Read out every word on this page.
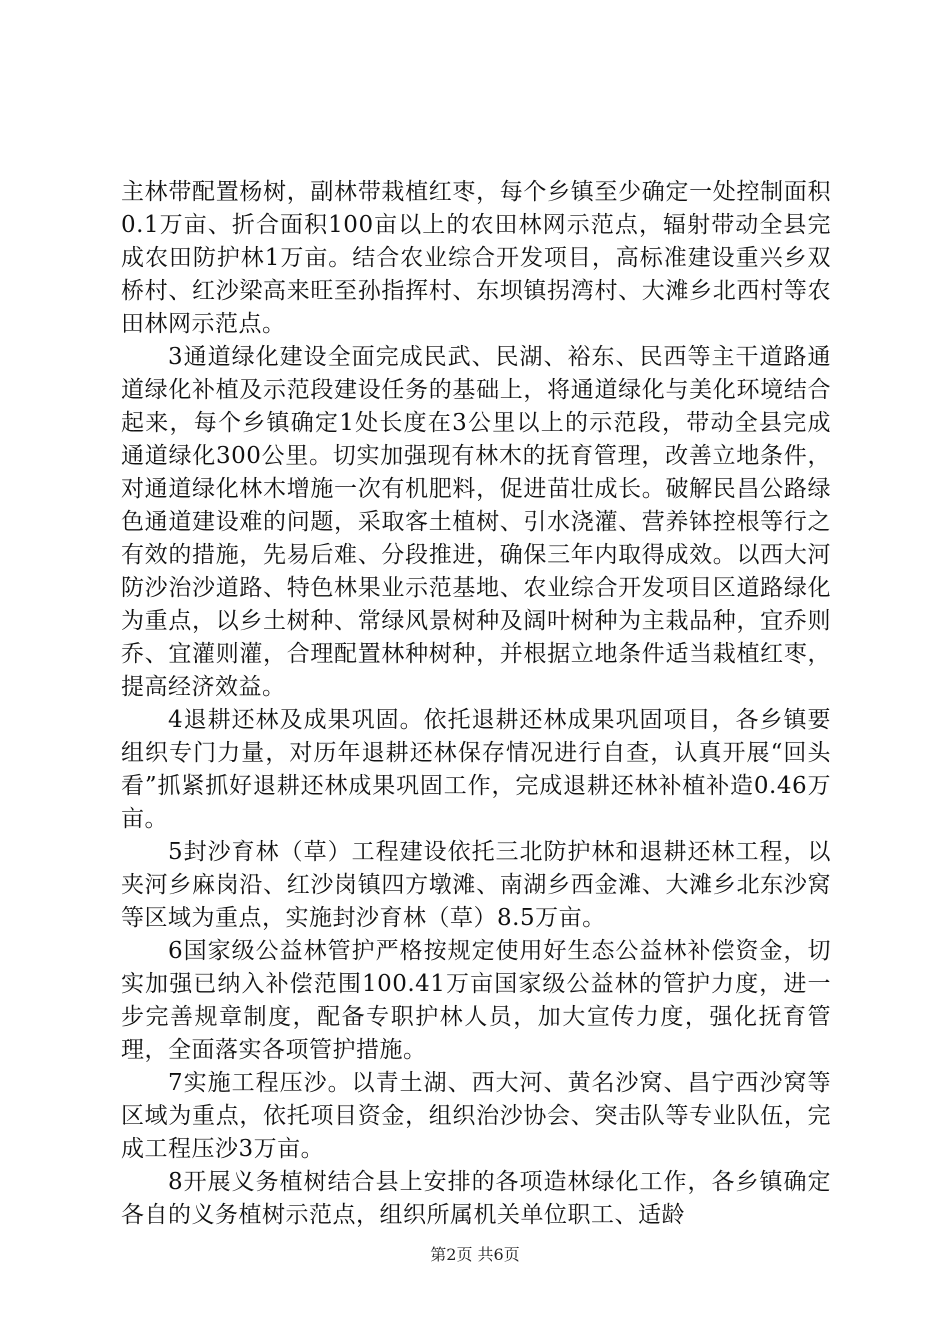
主林带配置杨树，副林带栽植红枣，每个乡镇至少确定一处控制面积0.1万亩、折合面积100亩以上的农田林网示范点，辐射带动全县完成农田防护林1万亩。结合农业综合开发项目，高标准建设重兴乡双桥村、红沙梁高来旺至孙指挥村、东坝镇拐湾村、大滩乡北西村等农田林网示范点。

3通道绿化建设全面完成民武、民湖、裕东、民西等主干道路通道绿化补植及示范段建设任务的基础上，将通道绿化与美化环境结合起来，每个乡镇确定1处长度在3公里以上的示范段，带动全县完成通道绿化300公里。切实加强现有林木的抚育管理，改善立地条件，对通道绿化林木增施一次有机肥料，促进苗壮成长。破解民昌公路绿色通道建设难的问题，采取客土植树、引水浇灌、营养钵控根等行之有效的措施，先易后难、分段推进，确保三年内取得成效。以西大河防沙治沙道路、特色林果业示范基地、农业综合开发项目区道路绿化为重点，以乡土树种、常绿风景树种及阔叶树种为主栽品种，宜乔则乔、宜灌则灌，合理配置林种树种，并根据立地条件适当栽植红枣，提高经济效益。

4退耕还林及成果巩固。依托退耕还林成果巩固项目，各乡镇要组织专门力量，对历年退耕还林保存情况进行自查，认真开展“回头看”抓紧抓好退耕还林成果巩固工作，完成退耕还林补植补造0.46万亩。

5封沙育林（草）工程建设依托三北防护林和退耕还林工程，以夹河乡麻岗沿、红沙岗镇四方墩滩、南湖乡西金滩、大滩乡北东沙窝等区域为重点，实施封沙育林（草）8.5万亩。

6国家级公益林管护严格按规定使用好生态公益林补偿资金，切实加强已纳入补偿范围100.41万亩国家级公益林的管护力度，进一步完善规章制度，配备专职护林人员，加大宣传力度，强化抚育管理，全面落实各项管护措施。

7实施工程压沙。以青土湖、西大河、黄名沙窝、昌宁西沙窝等区域为重点，依托项目资金，组织治沙协会、突击队等专业队伍，完成工程压沙3万亩。

8开展义务植树结合县上安排的各项造林绿化工作，各乡镇确定各自的义务植树示范点，组织所属机关单位职工、适龄

第2页 共6页
